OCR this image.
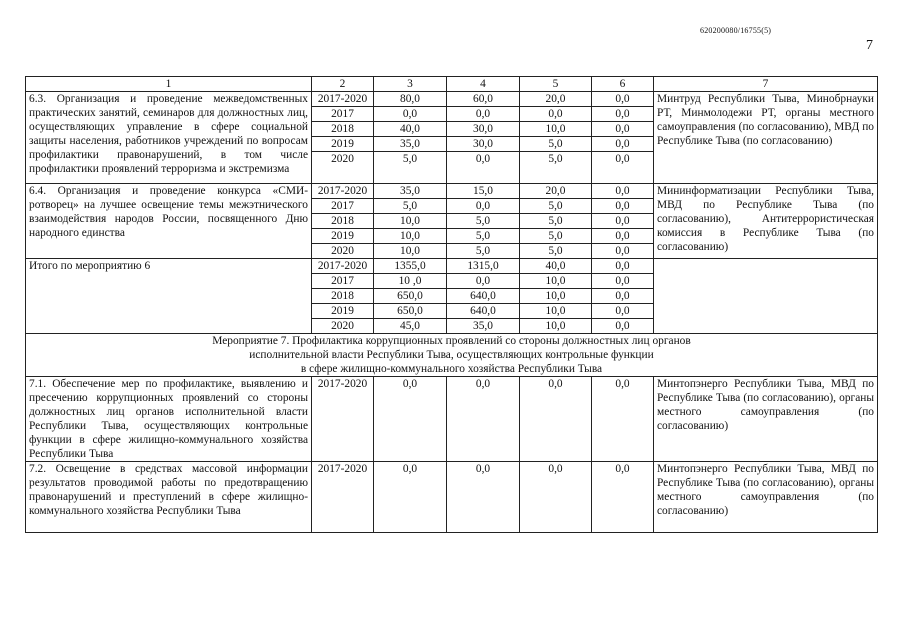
620200080/16755(5)
7
1	2	3	4	5	6	7
6.3. Организация и проведение межведомственных практических занятий, семинаров для должностных лиц, осуществляющих управление в сфере социальной защиты населения, работников учреждений по вопросам профилактики правонарушений, в том числе профилактики проявлений терроризма и экстремизма	2017-2020	80,0	60,0	20,0	0,0	Минтруд Республики Тыва, Минобрнауки РТ, Минмолодежи РТ, органы местного самоуправления (по согласованию), МВД по Республике Тыва (по согласованию)
	2017	0,0	0,0	0,0	0,0	
	2018	40,0	30,0	10,0	0,0	
	2019	35,0	30,0	5,0	0,0	
	2020	5,0	0,0	5,0	0,0	
6.4. Организация и проведение конкурса «СМИ-ротворец» на лучшее освещение темы межэтнического взаимодействия народов России, посвященного Дню народного единства	2017-2020	35,0	15,0	20,0	0,0	Мининформатизации Республики Тыва, МВД по Республике Тыва (по согласованию), Антитеррористическая комиссия в Республике Тыва (по согласованию)
	2017	5,0	0,0	5,0	0,0	
	2018	10,0	5,0	5,0	0,0	
	2019	10,0	5,0	5,0	0,0	
	2020	10,0	5,0	5,0	0,0	
Итого по мероприятию 6	2017-2020	1355,0	1315,0	40,0	0,0	
	2017	10 ,0	0,0	10,0	0,0	
	2018	650,0	640,0	10,0	0,0	
	2019	650,0	640,0	10,0	0,0	
	2020	45,0	35,0	10,0	0,0	

Мероприятие 7. Профилактика коррупционных проявлений со стороны должностных лиц органов
исполнительной власти Республики Тыва, осуществляющих контрольные функции
в сфере жилищно-коммунального хозяйства Республики Тыва						

7.1. Обеспечение мер по профилактике, выявлению и пресечению коррупционных проявлений со стороны должностных лиц органов исполнительной власти Республики Тыва, осуществляющих контрольные функции в сфере жилищно-коммунального хозяйства Республики Тыва	2017-2020	0,0	0,0	0,0	0,0	Минтопэнерго Республики Тыва, МВД по Республике Тыва (по согласованию), органы местного самоуправления (по согласованию)
7.2. Освещение в средствах массовой информации результатов проводимой работы по предотвращению правонарушений и преступлений в сфере жилищно-коммунального хозяйства Республики Тыва	2017-2020	0,0	0,0	0,0	0,0	Минтопэнерго Республики Тыва, МВД по Республике Тыва (по согласованию), органы местного самоуправления (по согласованию)
